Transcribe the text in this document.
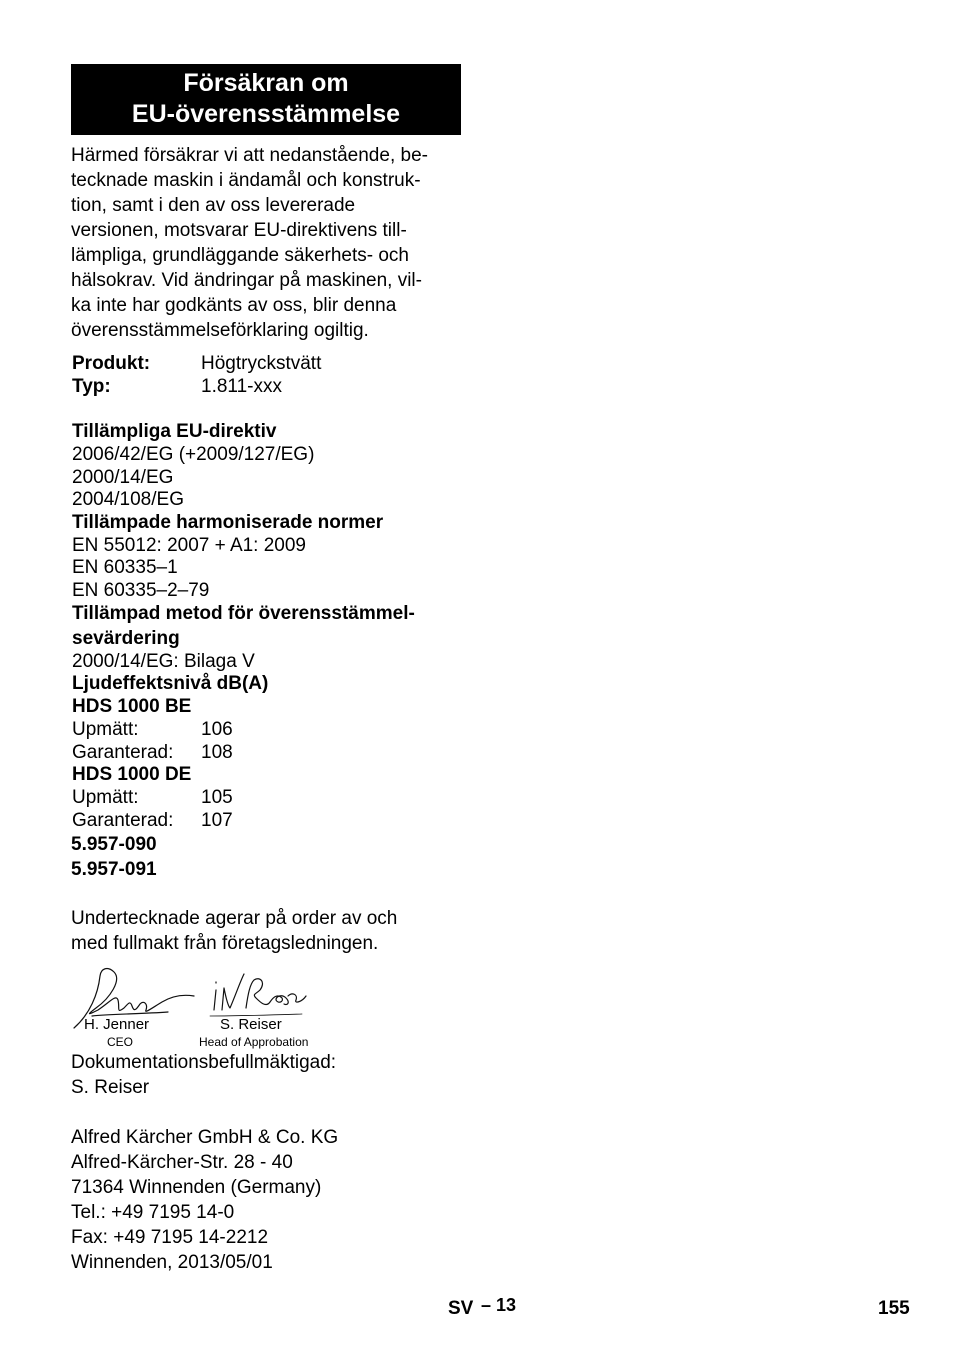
Försäkran om
EU-överensstämmelse
Härmed försäkrar vi att nedanstående, be-
tecknade maskin i ändamål och konstruk-
tion, samt i den av oss levererade
versionen, motsvarar EU-direktivens till-
lämpliga, grundläggande säkerhets- och
hälsokrav. Vid ändringar på maskinen, vil-
ka inte har godkänts av oss, blir denna
överensstämmelseförklaring ogiltig.
Produkt:	Högtryckstvätt
Typ:	1.811-xxx
Tillämpliga EU-direktiv
2006/42/EG (+2009/127/EG)
2000/14/EG
2004/108/EG
Tillämpade harmoniserade normer
EN 55012: 2007 + A1: 2009
EN 60335–1
EN 60335–2–79
Tillämpad metod för överensstämmel-
sevärdering
2000/14/EG: Bilaga V
Ljudeffektsnivå dB(A)
HDS 1000 BE
Upmätt:	106
Garanterad: 108
HDS 1000 DE
Upmätt:	105
Garanterad: 107
5.957-090
5.957-091
Undertecknade agerar på order av och
med fullmakt från företagsledningen.
H. Jenner
CEO
S. Reiser
Head of Approbation
Dokumentationsbefullmäktigad:
S. Reiser
Alfred Kärcher GmbH & Co. KG
Alfred-Kärcher-Str. 28 - 40
71364 Winnenden (Germany)
Tel.: +49 7195 14-0
Fax: +49 7195 14-2212
Winnenden, 2013/05/01
SV – 13	155
